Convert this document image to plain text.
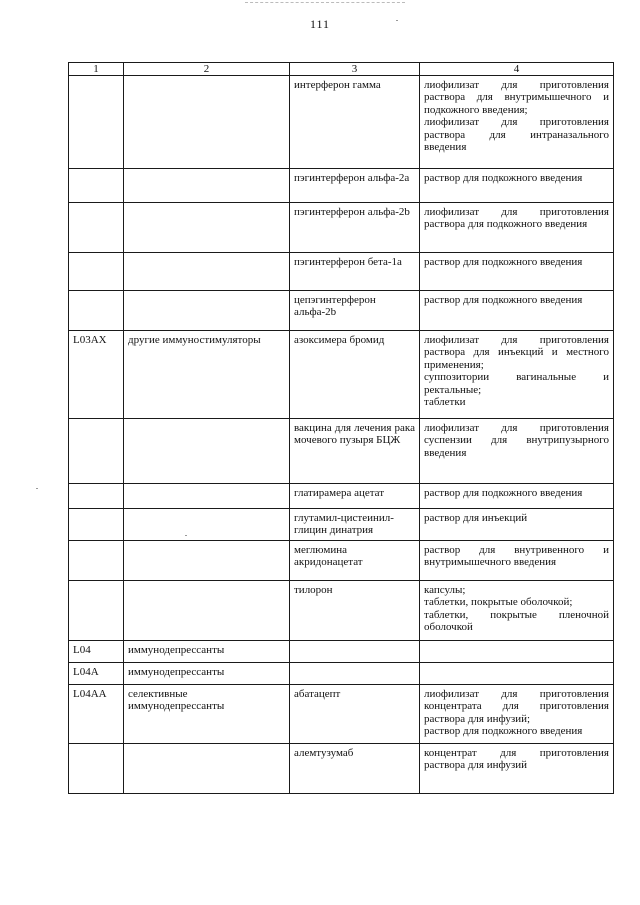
111
1	2	3	4
		интерферон гамма	лиофилизат для приготовления раствора для внутримышечного и подкожного введения;
лиофилизат для приготовления раствора для интраназального введения

		пэгинтерферон альфа-2а	раствор для подкожного введения

		пэгинтерферон альфа-2b	лиофилизат для приготовления раствора для подкожного введения

		пэгинтерферон бета-1а	раствор для подкожного введения

		цепэгинтерферон альфа-2b	раствор для подкожного введения

L03AX	другие иммуностимуляторы	азоксимера бромид	лиофилизат для приготовления раствора для инъекций и местного применения;
суппозитории вагинальные и ректальные;
таблетки

		вакцина для лечения рака мочевого пузыря БЦЖ	лиофилизат для приготовления суспензии для внутрипузырного введения

		глатирамера ацетат	раствор для подкожного введения

		глутамил-цистеинил-глицин динатрия	раствор для инъекций

		меглюмина акридонацетат	раствор для внутривенного и внутримышечного введения

		тилорон	капсулы;
таблетки, покрытые оболочкой;
таблетки, покрытые пленочной оболочкой

L04	иммунодепрессанты		
L04A	иммунодепрессанты		
L04AA	селективные иммунодепрессанты	абатацепт	лиофилизат для приготовления концентрата для приготовления раствора для инфузий;
раствор для подкожного введения

		алемтузумаб	концентрат для приготовления раствора для инфузий
